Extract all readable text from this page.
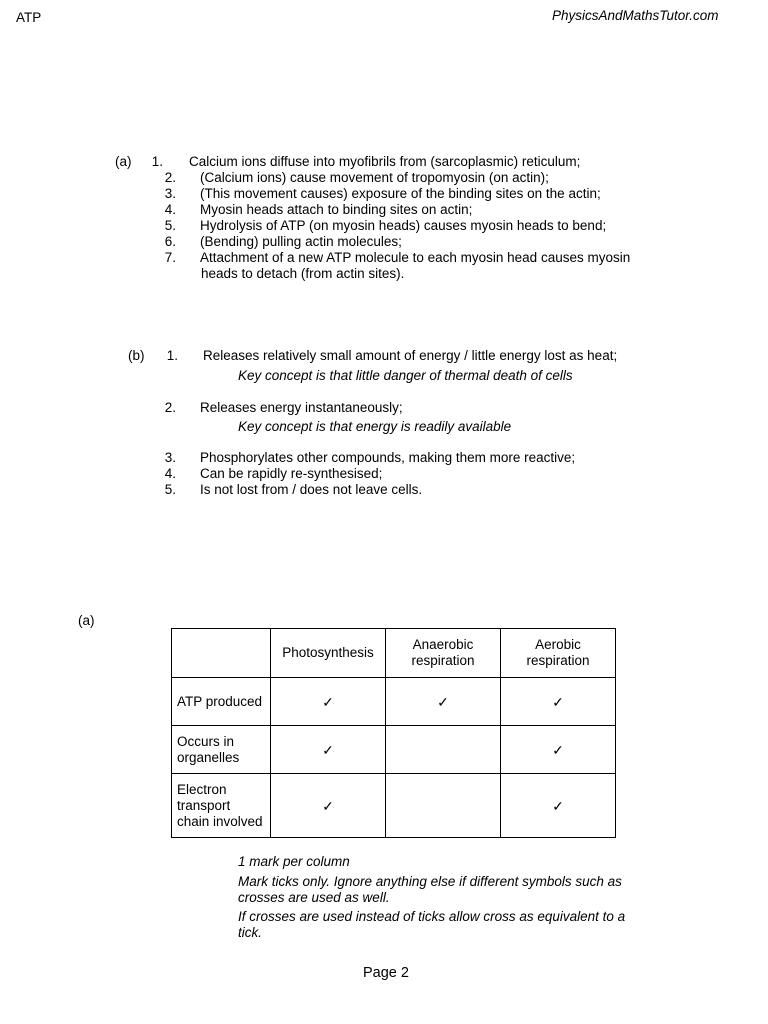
ATP	PhysicsAndMathsTutor.com
(a)	1. Calcium ions diffuse into myofibrils from (sarcoplasmic) reticulum;
2. (Calcium ions) cause movement of tropomyosin (on actin);
3. (This movement causes) exposure of the binding sites on the actin;
4. Myosin heads attach to binding sites on actin;
5. Hydrolysis of ATP (on myosin heads) causes myosin heads to bend;
6. (Bending) pulling actin molecules;
7. Attachment of a new ATP molecule to each myosin head causes myosin
heads to detach (from actin sites).
(b)	1. Releases relatively small amount of energy / little energy lost as heat;
Key concept is that little danger of thermal death of cells
2. Releases energy instantaneously;
Key concept is that energy is readily available
3. Phosphorylates other compounds, making them more reactive;
4. Can be rapidly re-synthesised;
5. Is not lost from / does not leave cells.
(a)
	Photosynthesis	Anaerobic respiration	Aerobic respiration
ATP produced	✓	✓	✓

Occurs in organelles	✓		✓

Electron transport chain involved	✓		✓
1 mark per column
Mark ticks only. Ignore anything else if different symbols such as crosses are used as well.
If crosses are used instead of ticks allow cross as equivalent to a tick.
Page 2
